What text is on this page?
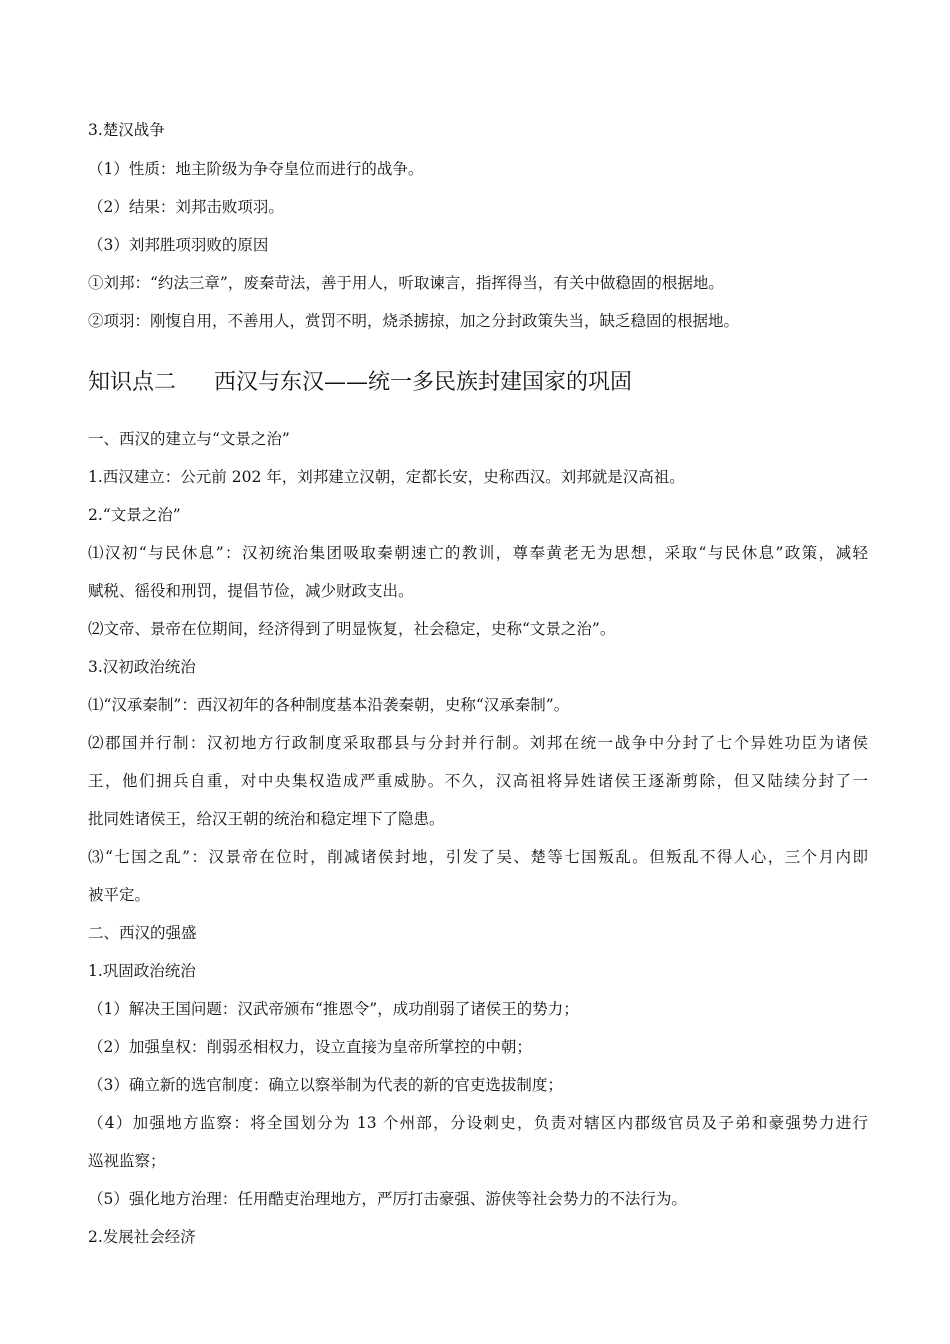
3.楚汉战争
（1）性质：地主阶级为争夺皇位而进行的战争。
（2）结果：刘邦击败项羽。
（3）刘邦胜项羽败的原因
①刘邦：“约法三章”，废秦苛法，善于用人，听取谏言，指挥得当，有关中做稳固的根据地。
②项羽：刚愎自用，不善用人，赏罚不明，烧杀掳掠，加之分封政策失当，缺乏稳固的根据地。
知识点二 西汉与东汉——统一多民族封建国家的巩固
一、西汉的建立与“文景之治”
1.西汉建立：公元前 202 年，刘邦建立汉朝，定都长安，史称西汉。刘邦就是汉高祖。
2.“文景之治”
⑴汉初“与民休息”：汉初统治集团吸取秦朝速亡的教训，尊奉黄老无为思想，采取“与民休息”政策，减轻
赋税、徭役和刑罚，提倡节俭，减少财政支出。
⑵文帝、景帝在位期间，经济得到了明显恢复，社会稳定，史称“文景之治”。
3.汉初政治统治
⑴“汉承秦制”：西汉初年的各种制度基本沿袭秦朝，史称“汉承秦制”。
⑵郡国并行制：汉初地方行政制度采取郡县与分封并行制。刘邦在统一战争中分封了七个异姓功臣为诸侯
王，他们拥兵自重，对中央集权造成严重威胁。不久，汉高祖将异姓诸侯王逐渐剪除，但又陆续分封了一
批同姓诸侯王，给汉王朝的统治和稳定埋下了隐患。
⑶“七国之乱”：汉景帝在位时，削减诸侯封地，引发了吴、楚等七国叛乱。但叛乱不得人心，三个月内即
被平定。
二、西汉的强盛
1.巩固政治统治
（1）解决王国问题：汉武帝颁布“推恩令”，成功削弱了诸侯王的势力；
（2）加强皇权：削弱丞相权力，设立直接为皇帝所掌控的中朝；
（3）确立新的选官制度：确立以察举制为代表的新的官吏选拔制度；
（4）加强地方监察：将全国划分为 13 个州部，分设刺史，负责对辖区内郡级官员及子弟和豪强势力进行
巡视监察；
（5）强化地方治理：任用酷吏治理地方，严厉打击豪强、游侠等社会势力的不法行为。
2.发展社会经济
